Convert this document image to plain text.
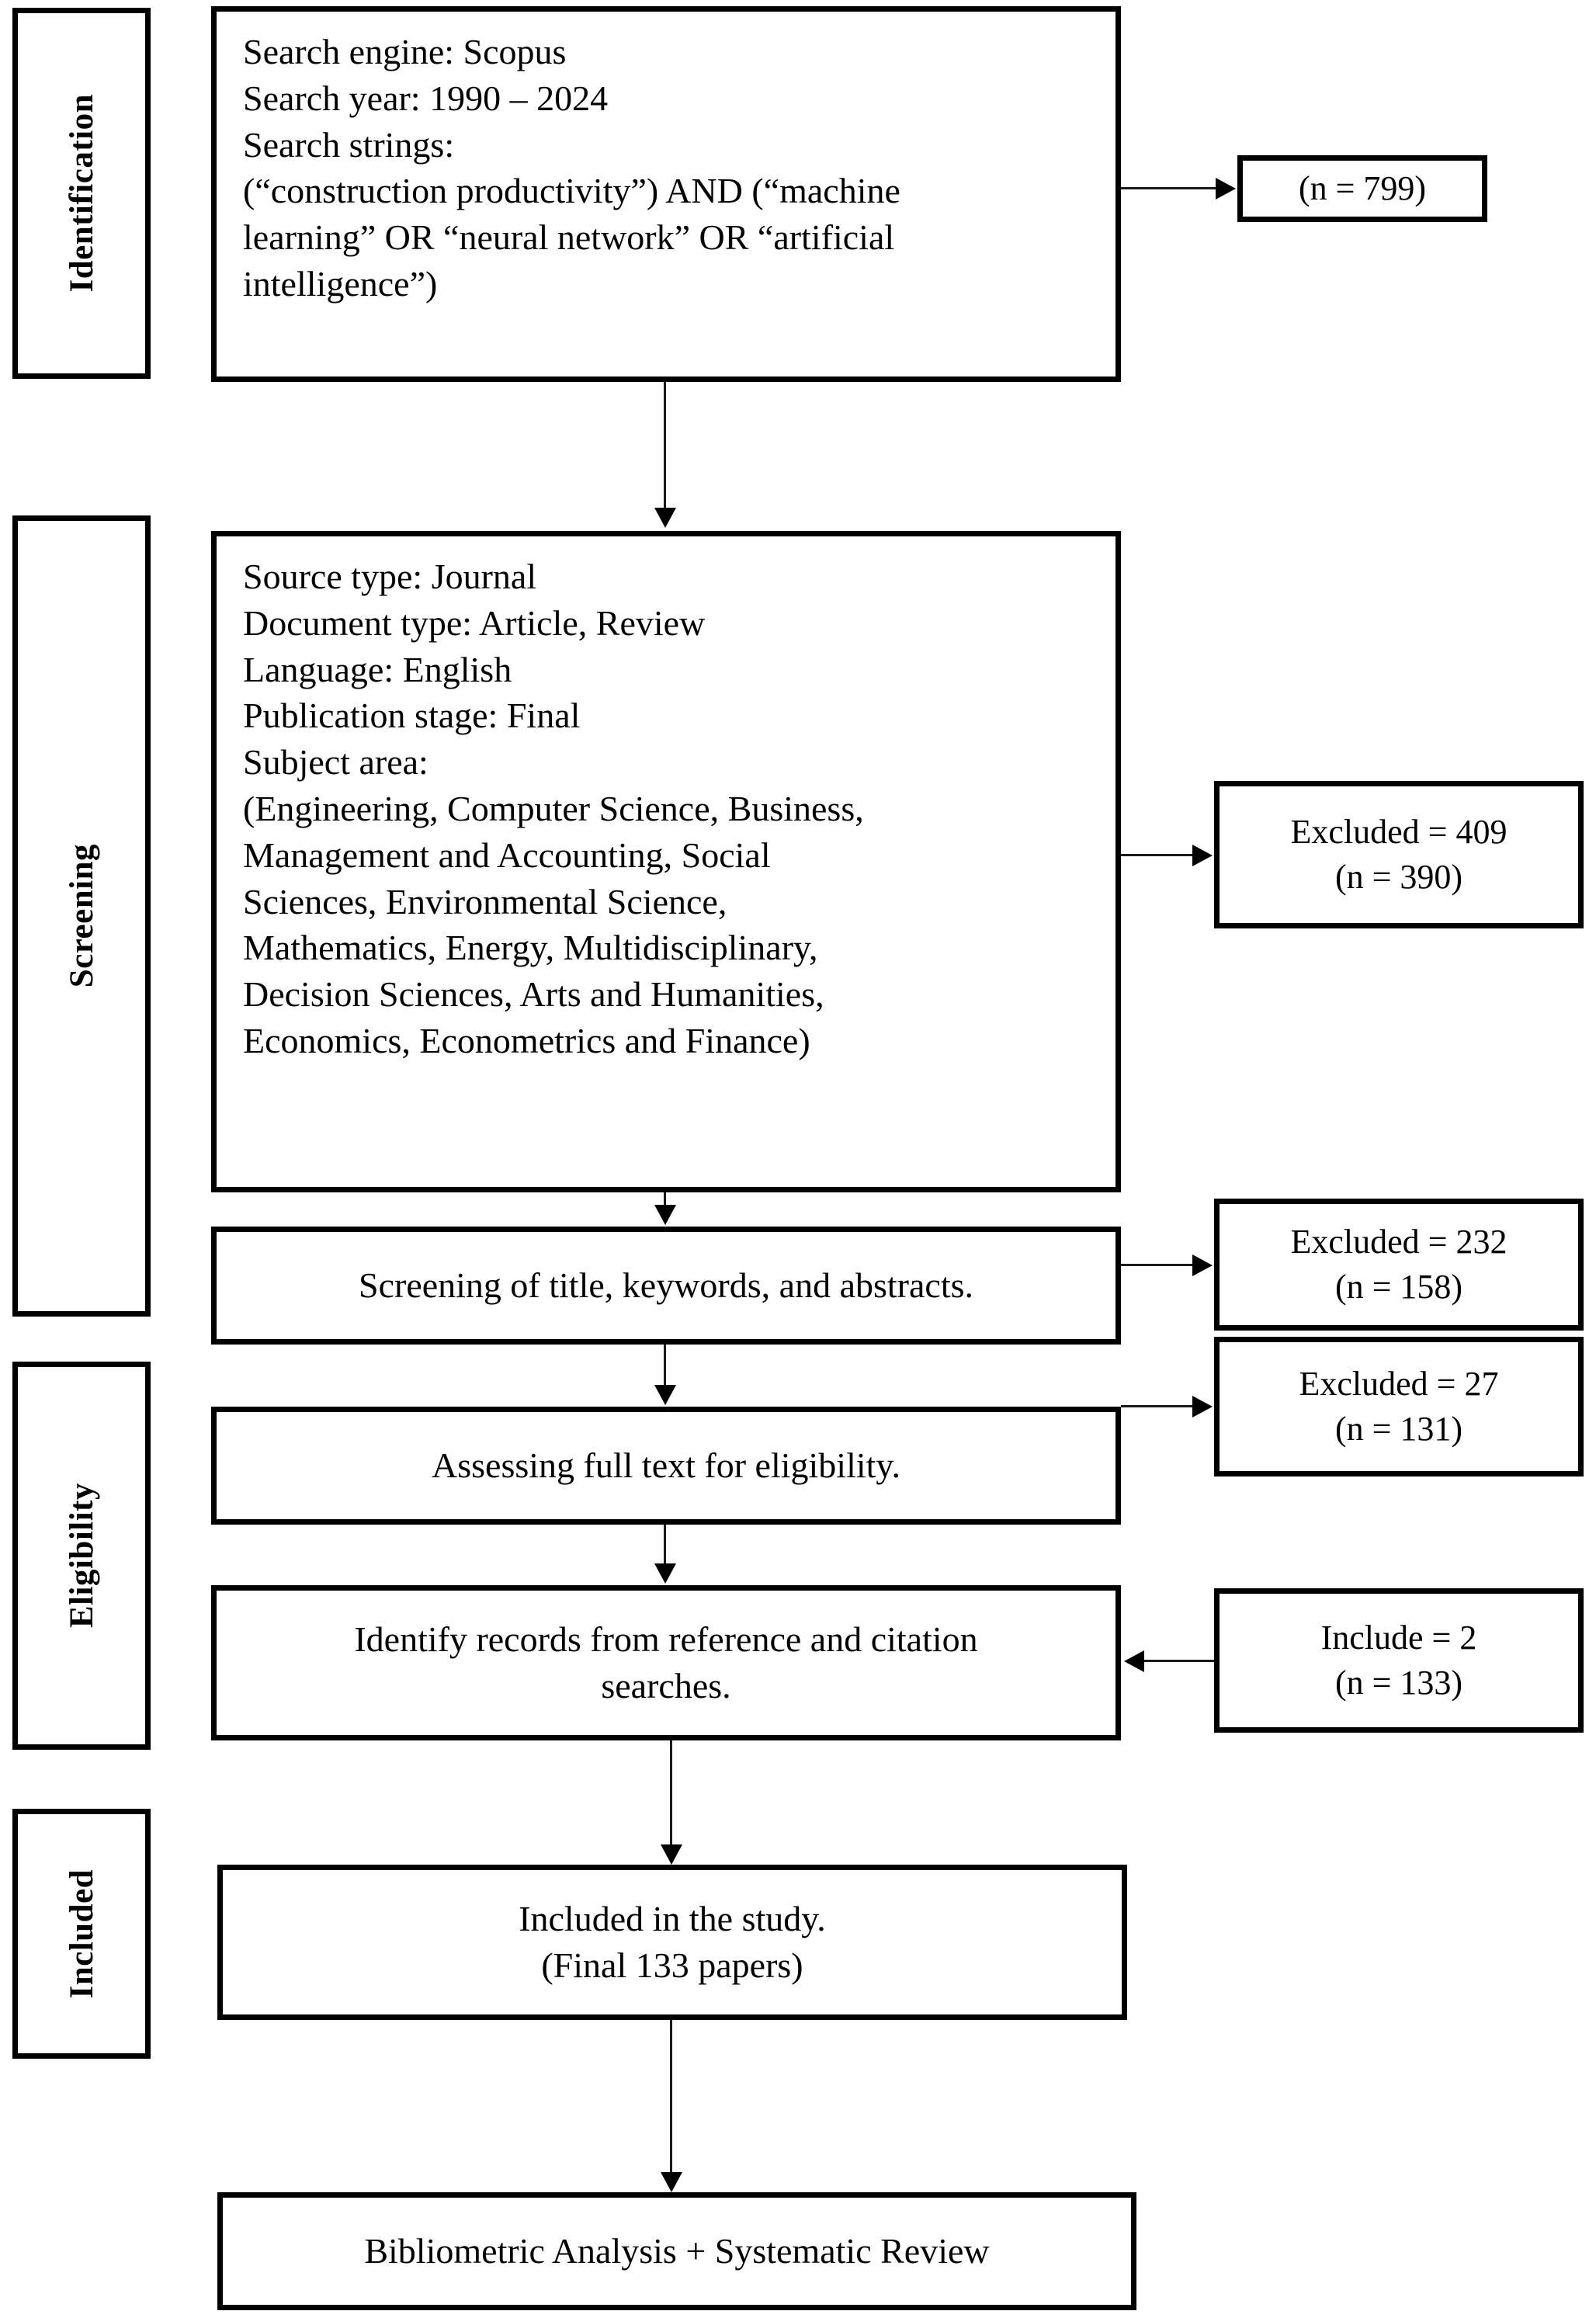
Identification
Screening
Eligibility
Included
Search engine: Scopus
Search year: 1990 – 2024
Search strings:
(“construction productivity”) AND (“machine
learning” OR “neural network” OR “artificial
intelligence”)
Source type: Journal
Document type: Article, Review
Language: English
Publication stage: Final
Subject area:
(Engineering, Computer Science, Business,
Management and Accounting, Social
Sciences, Environmental Science,
Mathematics, Energy, Multidisciplinary,
Decision Sciences, Arts and Humanities,
Economics, Econometrics and Finance)
Screening of title, keywords, and abstracts.
Assessing full text for eligibility.
Identify records from reference and citation
searches.
Included in the study.
(Final 133 papers)
Bibliometric Analysis + Systematic Review
(n = 799)
Excluded = 409
(n = 390)
Excluded = 232
(n = 158)
Excluded = 27
(n = 131)
Include = 2
(n = 133)
